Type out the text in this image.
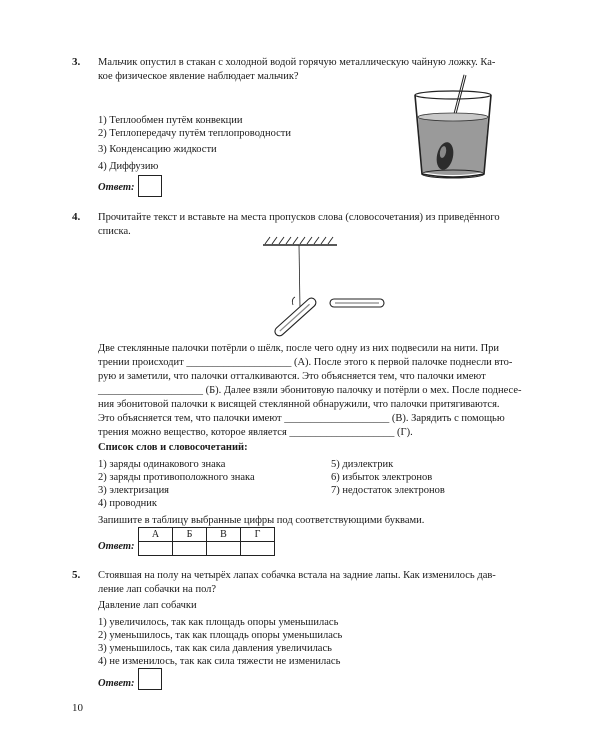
3. Мальчик опустил в стакан с холодной водой горячую металлическую чайную ложку. Ка-
кое физическое явление наблюдает мальчик?
1) Теплообмен путём конвекции
2) Теплопередачу путём теплопроводности
3) Конденсацию жидкости
4) Диффузию
Ответ:
4. Прочитайте текст и вставьте на места пропусков слова (словосочетания) из приведённого
списка.
Две стеклянные палочки потёрли о шёлк, после чего одну из них подвесили на нити. При
трении происходит ____________________ (А). После этого к первой палочке поднесли вто-
рую и заметили, что палочки отталкиваются. Это объясняется тем, что палочки имеют
____________________ (Б). Далее взяли эбонитовую палочку и потёрли о мех. После поднесе-
ния эбонитовой палочки к висящей стеклянной обнаружили, что палочки притягиваются.
Это объясняется тем, что палочки имеют ____________________ (В). Зарядить с помощью
трения можно вещество, которое является ____________________ (Г).
Список слов и словосочетаний:
1) заряды одинакового знака
2) заряды противоположного знака
3) электризация
4) проводник
5) диэлектрик
6) избыток электронов
7) недостаток электронов
Запишите в таблицу выбранные цифры под соответствующими буквами.
Ответ:
А	Б	В	Г

5. Стоявшая на полу на четырёх лапах собачка встала на задние лапы. Как изменилось дав-
ление лап собачки на пол?
Давление лап собачки
1) увеличилось, так как площадь опоры уменьшилась
2) уменьшилось, так как площадь опоры уменьшилась
3) уменьшилось, так как сила давления увеличилась
4) не изменилось, так как сила тяжести не изменилась
Ответ:
10
